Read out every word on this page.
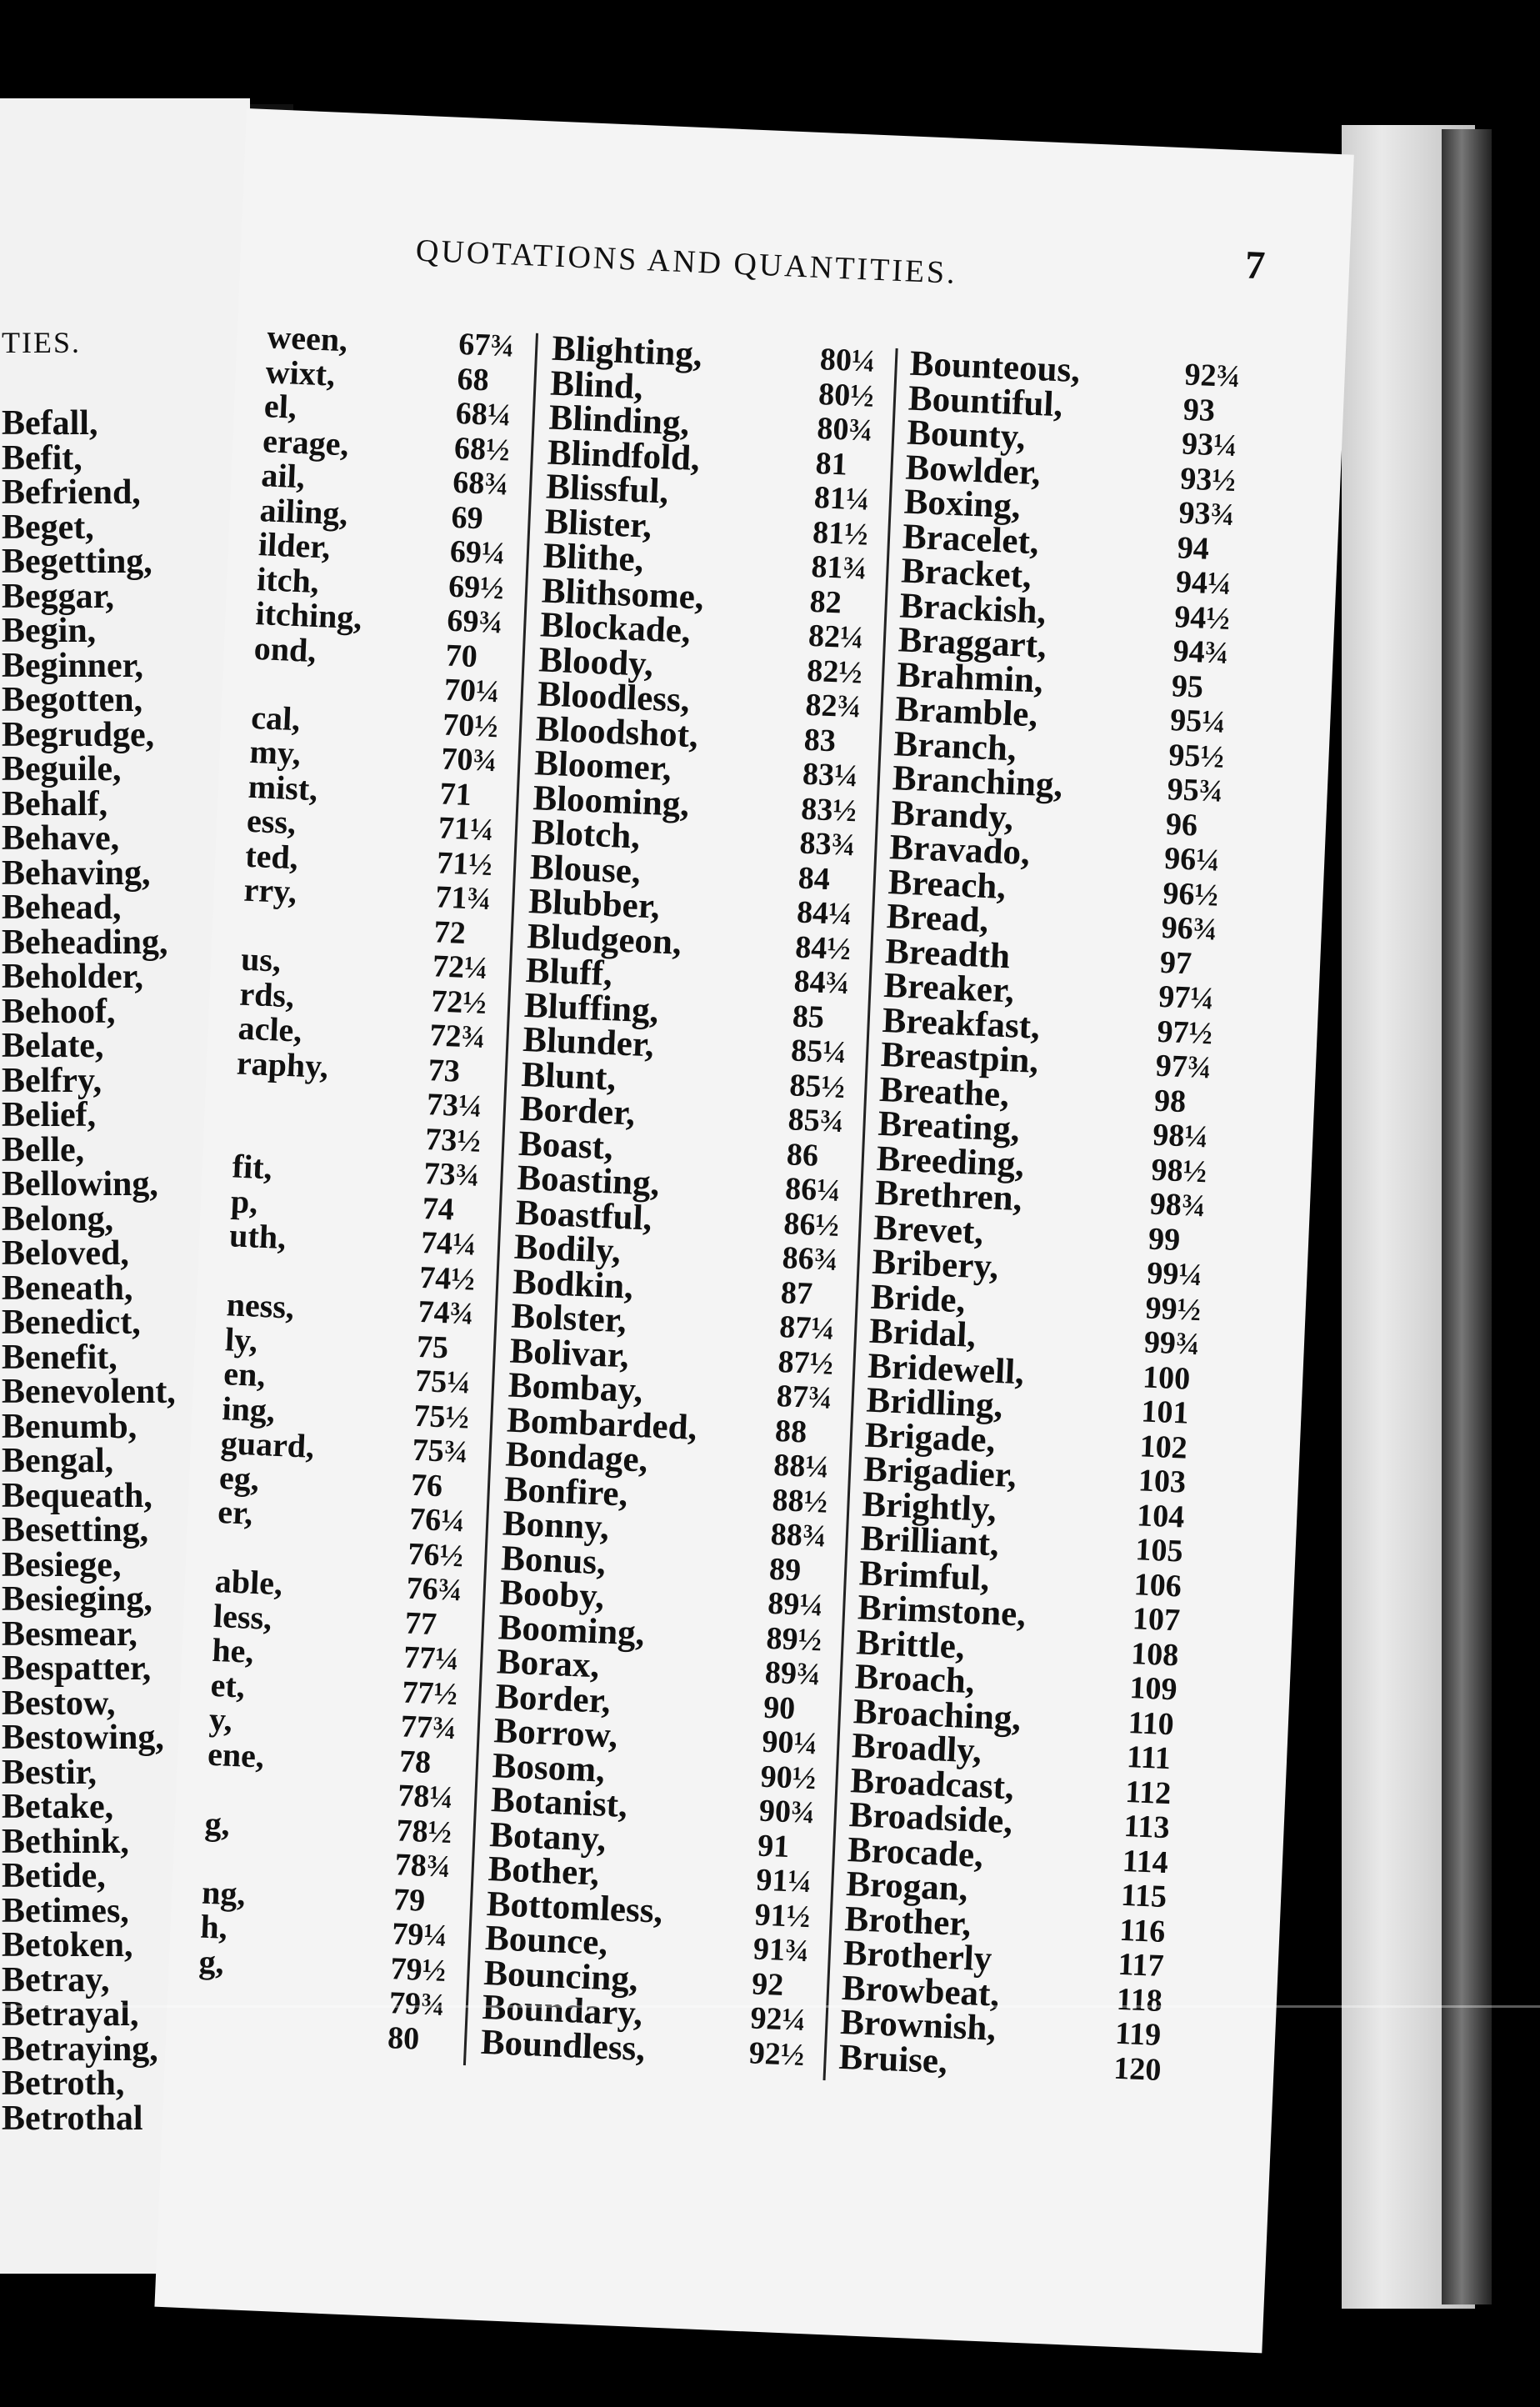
TIES.
Befall,
Befit,
Befriend,
Beget,
Begetting,
Beggar,
Begin,
Beginner,
Begotten,
Begrudge,
Beguile,
Behalf,
Behave,
Behaving,
Behead,
Beheading,
Beholder,
Behoof,
Belate,
Belfry,
Belief,
Belle,
Bellowing,
Belong,
Beloved,
Beneath,
Benedict,
Benefit,
Benevolent,
Benumb,
Bengal,
Bequeath,
Besetting,
Besiege,
Besieging,
Besmear,
Bespatter,
Bestow,
Bestowing,
Bestir,
Betake,
Bethink,
Betide,
Betimes,
Betoken,
Betray,
Betrayal,
Betraying,
Betroth,
Betrothal
QUOTATIONS AND QUANTITIES.	7
ween,
wixt,
el,
erage,
ail,
ailing,
ilder,
itch,
itching,
ond,
cal,
my,
mist,
ess,
ted,
rry,
us,
rds,
acle,
raphy,
fit,
p,
uth,
ness,
ly,
en,
ing,
guard,
eg,
er,
able,
less,
he,
et,
y,
ene,
g,
ng,
h,
g,
67¾
68
68¼
68½
68¾
69
69¼
69½
69¾
70
70¼
70½
70¾
71
71¼
71½
71¾
72
72¼
72½
72¾
73
73¼
73½
73¾
74
74¼
74½
74¾
75
75¼
75½
75¾
76
76¼
76½
76¾
77
77¼
77½
77¾
78
78¼
78½
78¾
79
79¼
79½
79¾
80
Blighting,
Blind,
Blinding,
Blindfold,
Blissful,
Blister,
Blithe,
Blithsome,
Blockade,
Bloody,
Bloodless,
Bloodshot,
Bloomer,
Blooming,
Blotch,
Blouse,
Blubber,
Bludgeon,
Bluff,
Bluffing,
Blunder,
Blunt,
Border,
Boast,
Boasting,
Boastful,
Bodily,
Bodkin,
Bolster,
Bolivar,
Bombay,
Bombarded,
Bondage,
Bonfire,
Bonny,
Bonus,
Booby,
Booming,
Borax,
Border,
Borrow,
Bosom,
Botanist,
Botany,
Bother,
Bottomless,
Bounce,
Bouncing,
Boundary,
Boundless,
80¼
80½
80¾
81
81¼
81½
81¾
82
82¼
82½
82¾
83
83¼
83½
83¾
84
84¼
84½
84¾
85
85¼
85½
85¾
86
86¼
86½
86¾
87
87¼
87½
87¾
88
88¼
88½
88¾
89
89¼
89½
89¾
90
90¼
90½
90¾
91
91¼
91½
91¾
92
92¼
92½
Bounteous,
Bountiful,
Bounty,
Bowlder,
Boxing,
Bracelet,
Bracket,
Brackish,
Braggart,
Brahmin,
Bramble,
Branch,
Branching,
Brandy,
Bravado,
Breach,
Bread,
Breadth
Breaker,
Breakfast,
Breastpin,
Breathe,
Breating,
Breeding,
Brethren,
Brevet,
Bribery,
Bride,
Bridal,
Bridewell,
Bridling,
Brigade,
Brigadier,
Brightly,
Brilliant,
Brimful,
Brimstone,
Brittle,
Broach,
Broaching,
Broadly,
Broadcast,
Broadside,
Brocade,
Brogan,
Brother,
Brotherly
Browbeat,
Brownish,
Bruise,
92¾
93
93¼
93½
93¾
94
94¼
94½
94¾
95
95¼
95½
95¾
96
96¼
96½
96¾
97
97¼
97½
97¾
98
98¼
98½
98¾
99
99¼
99½
99¾
100
101
102
103
104
105
106
107
108
109
110
111
112
113
114
115
116
117
118
119
120
